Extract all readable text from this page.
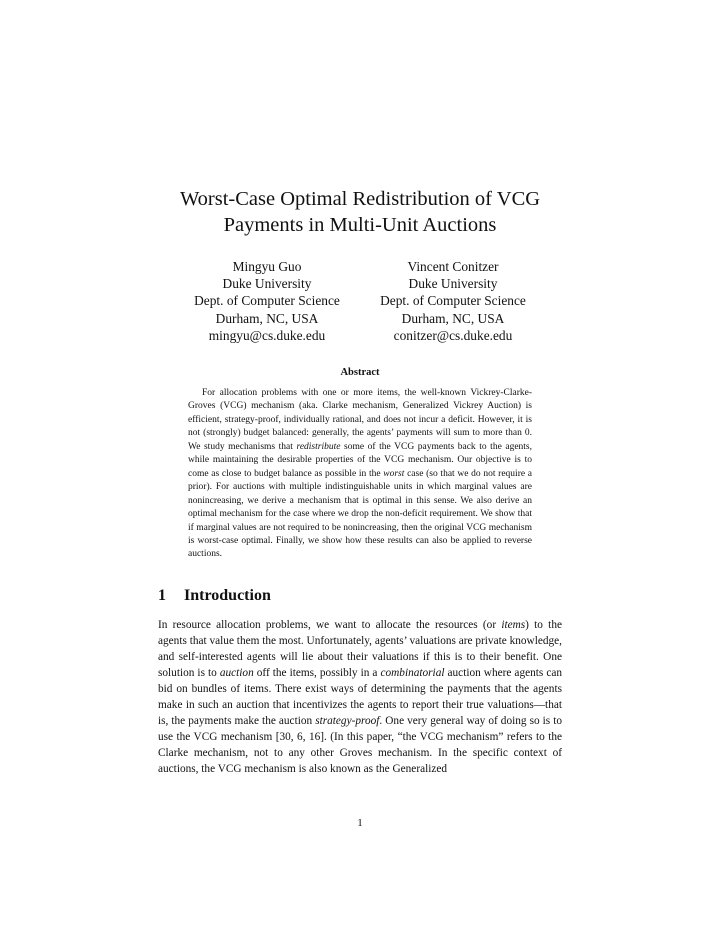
Worst-Case Optimal Redistribution of VCG
Payments in Multi-Unit Auctions
Mingyu Guo
Duke University
Dept. of Computer Science
Durham, NC, USA
mingyu@cs.duke.edu
Vincent Conitzer
Duke University
Dept. of Computer Science
Durham, NC, USA
conitzer@cs.duke.edu
Abstract
For allocation problems with one or more items, the well-known Vickrey-Clarke-Groves (VCG) mechanism (aka. Clarke mechanism, Generalized Vickrey Auction) is efficient, strategy-proof, individually rational, and does not incur a deficit. However, it is not (strongly) budget balanced: generally, the agents’ payments will sum to more than 0. We study mechanisms that redistribute some of the VCG payments back to the agents, while maintaining the desirable properties of the VCG mechanism. Our objective is to come as close to budget balance as possible in the worst case (so that we do not require a prior). For auctions with multiple indistinguishable units in which marginal values are nonincreasing, we derive a mechanism that is optimal in this sense. We also derive an optimal mechanism for the case where we drop the non-deficit requirement. We show that if marginal values are not required to be nonincreasing, then the original VCG mechanism is worst-case optimal. Finally, we show how these results can also be applied to reverse auctions.
1 Introduction
In resource allocation problems, we want to allocate the resources (or items) to the agents that value them the most. Unfortunately, agents’ valuations are private knowledge, and self-interested agents will lie about their valuations if this is to their benefit. One solution is to auction off the items, possibly in a combinatorial auction where agents can bid on bundles of items. There exist ways of determining the payments that the agents make in such an auction that incentivizes the agents to report their true valuations—that is, the payments make the auction strategy-proof. One very general way of doing so is to use the VCG mechanism [30, 6, 16]. (In this paper, “the VCG mechanism” refers to the Clarke mechanism, not to any other Groves mechanism. In the specific context of auctions, the VCG mechanism is also known as the Generalized
1
